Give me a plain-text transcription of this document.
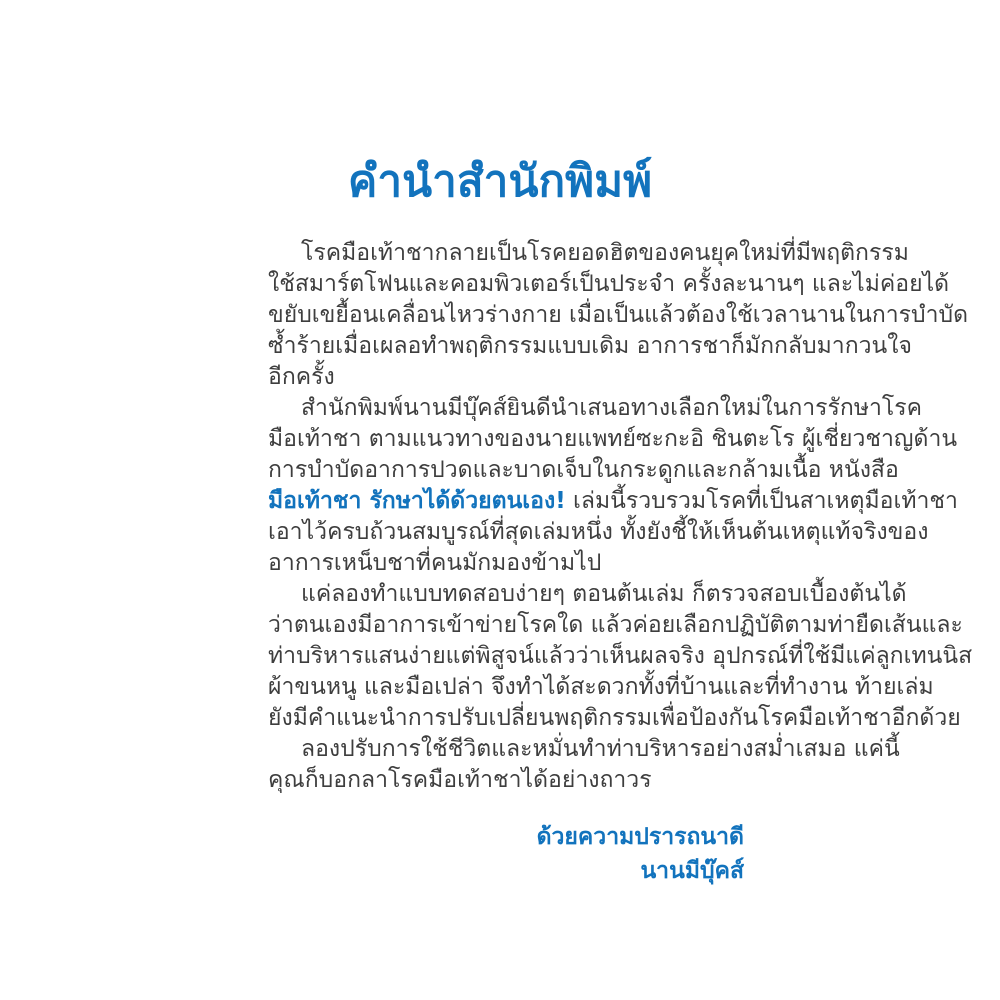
คำนำสำนักพิมพ์
โรคมือเท้าชากลายเป็นโรคยอดฮิตของคนยุคใหม่ที่มีพฤติกรรม
ใช้สมาร์ตโฟนและคอมพิวเตอร์เป็นประจำ ครั้งละนานๆ และไม่ค่อยได้
ขยับเขยื้อนเคลื่อนไหวร่างกาย เมื่อเป็นแล้วต้องใช้เวลานานในการบำบัด
ซ้ำร้ายเมื่อเผลอทำพฤติกรรมแบบเดิม อาการชาก็มักกลับมากวนใจ
อีกครั้ง
สำนักพิมพ์นานมีบุ๊คส์ยินดีนำเสนอทางเลือกใหม่ในการรักษาโรค
มือเท้าชา ตามแนวทางของนายแพทย์ซะกะอิ ชินตะโร ผู้เชี่ยวชาญด้าน
การบำบัดอาการปวดและบาดเจ็บในกระดูกและกล้ามเนื้อ หนังสือ
มือเท้าชา รักษาได้ด้วยตนเอง! เล่มนี้รวบรวมโรคที่เป็นสาเหตุมือเท้าชา
เอาไว้ครบถ้วนสมบูรณ์ที่สุดเล่มหนึ่ง ทั้งยังชี้ให้เห็นต้นเหตุแท้จริงของ
อาการเหน็บชาที่คนมักมองข้ามไป
แค่ลองทำแบบทดสอบง่ายๆ ตอนต้นเล่ม ก็ตรวจสอบเบื้องต้นได้
ว่าตนเองมีอาการเข้าข่ายโรคใด แล้วค่อยเลือกปฏิบัติตามท่ายืดเส้นและ
ท่าบริหารแสนง่ายแต่พิสูจน์แล้วว่าเห็นผลจริง อุปกรณ์ที่ใช้มีแค่ลูกเทนนิส
ผ้าขนหนู และมือเปล่า จึงทำได้สะดวกทั้งที่บ้านและที่ทำงาน ท้ายเล่ม
ยังมีคำแนะนำการปรับเปลี่ยนพฤติกรรมเพื่อป้องกันโรคมือเท้าชาอีกด้วย
ลองปรับการใช้ชีวิตและหมั่นทำท่าบริหารอย่างสม่ำเสมอ แค่นี้
คุณก็บอกลาโรคมือเท้าชาได้อย่างถาวร
ด้วยความปรารถนาดี
นานมีบุ๊คส์
